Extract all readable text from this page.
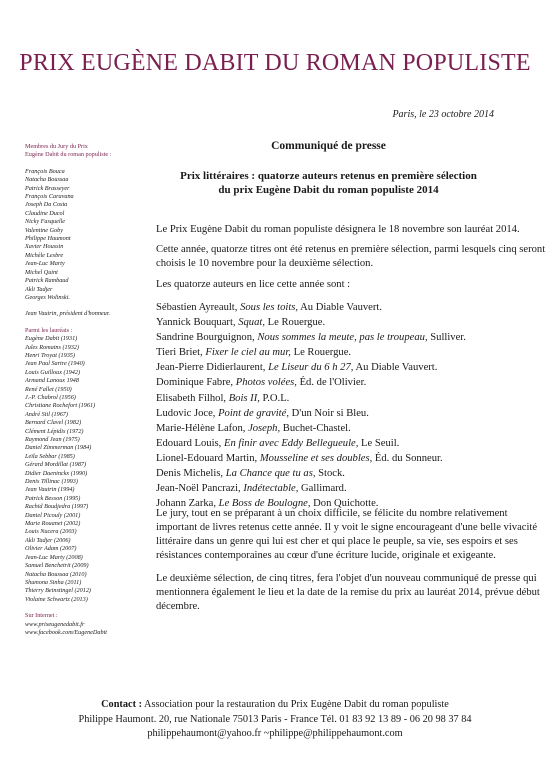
PRIX EUGÈNE DABIT DU ROMAN POPULISTE
Paris, le 23 octobre 2014
Membres du Jury du Prix
Eugène Dabit du roman populiste :
François Bouca
Natacha Boussaa
Patrick Brasseyer
François Caravana
Joseph Da Costa
Claudine Ducol
Nicky Fasquelle
Valentine Goby
Philippe Haumont
Xavier Houssin
Michèle Lesbre
Jean-Luc Marty
Michel Quint
Patrick Rambaud
Akli Tadjer
Georges Wolinski.
Jean Vautrin, président d'honneur.
Parmi les lauréats :
Eugène Dabit (1931)
Jules Romains (1932)
Henri Troyat (1935)
Jean Paul Sartre (1940)
Louis Guilloux (1942)
Armand Lanoux 1948
René Fallet (1950)
J.-P. Chabrol (1956)
Christiane Rochefort (1961)
André Stil (1967)
Bernard Clavel (1982)
Clément Lépidis (1972)
Raymond Jean (1975)
Daniel Zimmerman (1984)
Leïla Sebbar (1985)
Gérard Mordillat (1987)
Didier Daeninckx (1990)
Denis Tillinac (1993)
Jean Vautrin (1994)
Patrick Besson (1995)
Rachid Boudjedra (1997)
Daniel Picouly (2001)
Marie Rouanet (2002)
Louis Nucera (2003)
Akli Tadjer (2006)
Olivier Adam (2007)
Jean-Luc Marty (2008)
Samuel Benchetrit (2009)
Natacha Boussaa (2010)
Shumona Sinha (2011)
Thierry Beinstingel (2012)
Violaine Schwartz (2013)
Sur Internet :
www.prixeugenedabit.fr
www.facebook.com/EugeneDabit
Communiqué de presse
Prix littéraires : quatorze auteurs retenus en première sélection
du prix Eugène Dabit du roman populiste 2014
Le Prix Eugène Dabit du roman populiste désignera le 18 novembre son lauréat 2014.
Cette année, quatorze titres ont été retenus en première sélection, parmi lesquels cinq seront
choisis le 10 novembre pour la deuxième sélection.
Les quatorze auteurs en lice cette année sont :
Sébastien Ayreault, Sous les toits, Au Diable Vauvert.
Yannick Bouquart, Squat, Le Rouergue.
Sandrine Bourguignon, Nous sommes la meute, pas le troupeau, Sulliver.
Tieri Briet, Fixer le ciel au mur, Le Rouergue.
Jean-Pierre Didierlaurent, Le Liseur du 6 h 27, Au Diable Vauvert.
Dominique Fabre, Photos volées, Éd. de l'Olivier.
Elisabeth Filhol, Bois II, P.O.L.
Ludovic Joce, Point de gravité, D'un Noir si Bleu.
Marie-Hélène Lafon, Joseph, Buchet-Chastel.
Edouard Louis, En finir avec Eddy Bellegueule, Le Seuil.
Lionel-Edouard Martin, Mousseline et ses doubles, Éd. du Sonneur.
Denis Michelis, La Chance que tu as, Stock.
Jean-Noël Pancrazi, Indétectable, Gallimard.
Johann Zarka, Le Boss de Boulogne, Don Quichotte.
Le jury, tout en se préparant à un choix difficile, se félicite du nombre relativement
important de livres retenus cette année. Il y voit le signe encourageant d'une belle vivacité
littéraire dans un genre qui lui est cher et qui place le peuple, sa vie, ses espoirs et ses
résistances contemporaines au cœur d'une écriture lucide, originale et exigeante.
Le deuxième sélection, de cinq titres, fera l'objet d'un nouveau communiqué de presse qui
mentionnera également le lieu et la date de la remise du prix au lauréat 2014, prévue début
décembre.
Contact : Association pour la restauration du Prix Eugène Dabit du roman populiste
Philippe Haumont. 20, rue Nationale 75013 Paris - France Tél. 01 83 92 13 89 - 06 20 98 37 84
philippehaumont@yahoo.fr ~philippe@philippehaumont.com
